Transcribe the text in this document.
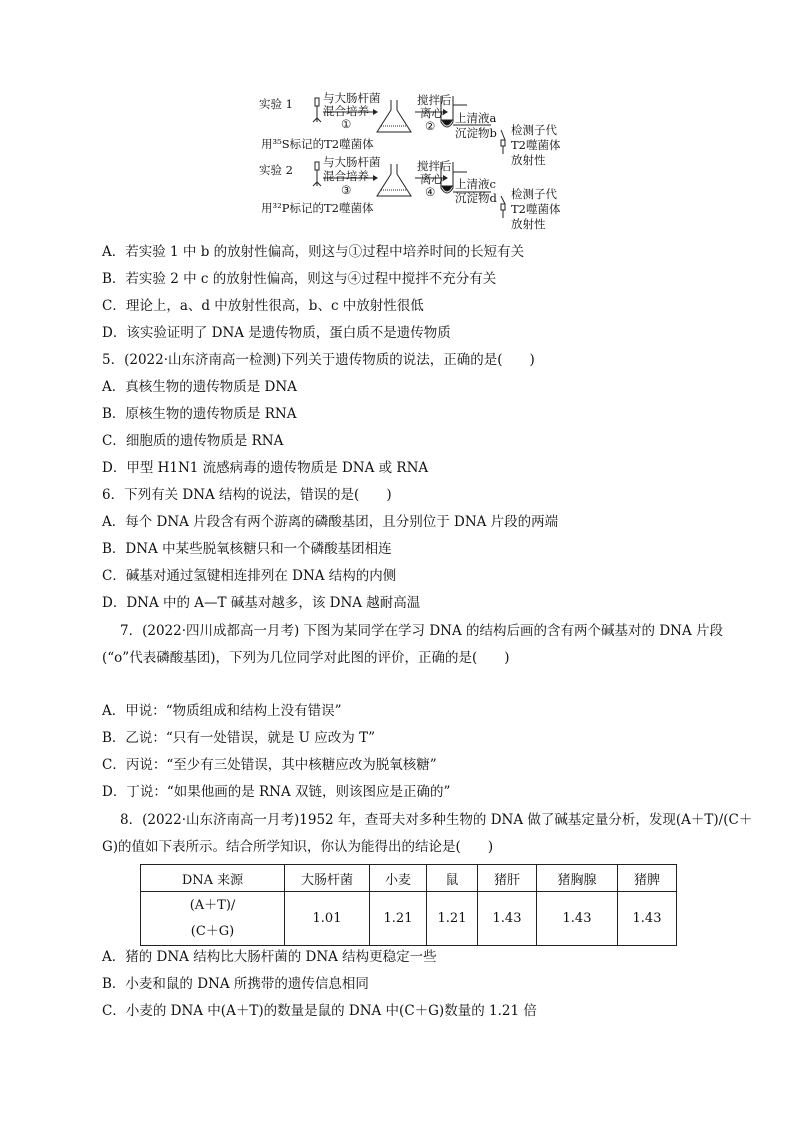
实验 1	与大肠杆菌
混合培养
①
搅拌后
离心
②
上清液a
沉淀物b
用³⁵S标记的T2噬菌体
检测子代
T2噬菌体
放射性
实验 2
与大肠杆菌
混合培养
③
搅拌后
离心
④
上清液c
沉淀物d
用³²P标记的T2噬菌体
检测子代
T2噬菌体
放射性
A．若实验 1 中 b 的放射性偏高，则这与①过程中培养时间的长短有关
B．若实验 2 中 c 的放射性偏高，则这与④过程中搅拌不充分有关
C．理论上，a、d 中放射性很高，b、c 中放射性很低
D．该实验证明了 DNA 是遗传物质，蛋白质不是遗传物质
5．(2022·山东济南高一检测)下列关于遗传物质的说法，正确的是(　　)
A．真核生物的遗传物质是 DNA
B．原核生物的遗传物质是 RNA
C．细胞质的遗传物质是 RNA
D．甲型 H1N1 流感病毒的遗传物质是 DNA 或 RNA
6．下列有关 DNA 结构的说法，错误的是(　　)
A．每个 DNA 片段含有两个游离的磷酸基团，且分别位于 DNA 片段的两端
B．DNA 中某些脱氧核糖只和一个磷酸基团相连
C．碱基对通过氢键相连排列在 DNA 结构的内侧
D．DNA 中的 A—T 碱基对越多，该 DNA 越耐高温
7．(2022·四川成都高一月考) 下图为某同学在学习 DNA 的结构后画的含有两个碱基对的 DNA 片段
(“o”代表磷酸基团)，下列为几位同学对此图的评价，正确的是(　　)
A．甲说：“物质组成和结构上没有错误”
B．乙说：“只有一处错误，就是 U 应改为 T”
C．丙说：“至少有三处错误，其中核糖应改为脱氧核糖”
D．丁说：“如果他画的是 RNA 双链，则该图应是正确的”
8．(2022·山东济南高一月考)1952 年，查哥夫对多种生物的 DNA 做了碱基定量分析，发现(A＋T)/(C＋
G)的值如下表所示。结合所学知识，你认为能得出的结论是(　　)
DNA 来源	大肠杆菌	小麦	鼠	猪肝	猪胸腺	猪脾

(A＋T)/
(C＋G)	1.01	1.21	1.21	1.43	1.43	1.43
A．猪的 DNA 结构比大肠杆菌的 DNA 结构更稳定一些
B．小麦和鼠的 DNA 所携带的遗传信息相同
C．小麦的 DNA 中(A＋T)的数量是鼠的 DNA 中(C＋G)数量的 1.21 倍
